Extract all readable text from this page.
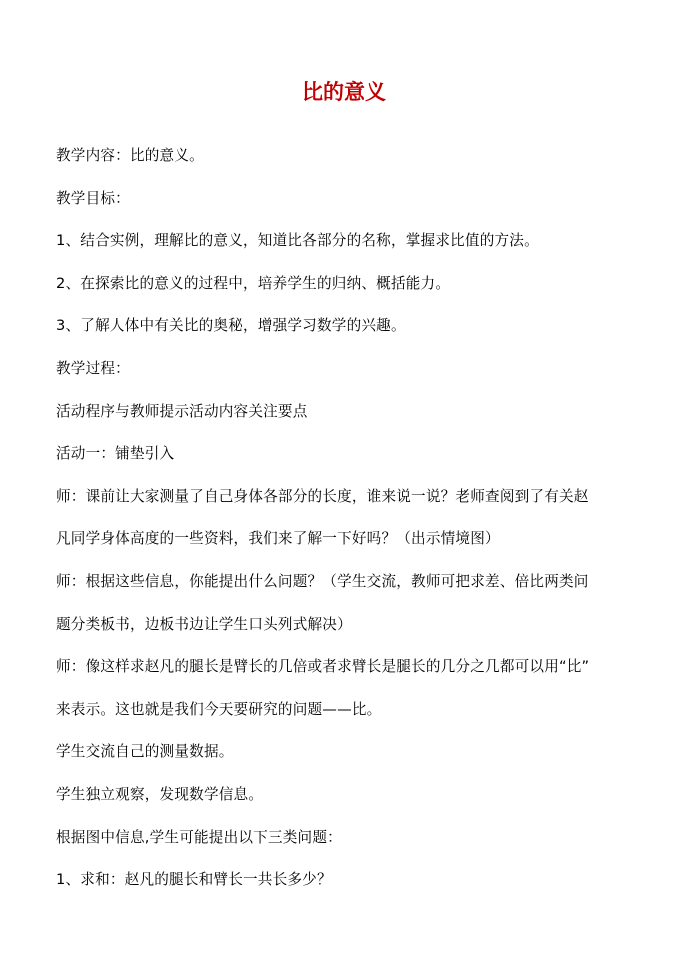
比的意义
教学内容：比的意义。
教学目标：
1、结合实例，理解比的意义，知道比各部分的名称，掌握求比值的方法。
2、在探索比的意义的过程中，培养学生的归纳、概括能力。
3、了解人体中有关比的奥秘，增强学习数学的兴趣。
教学过程：
活动程序与教师提示活动内容关注要点
活动一：铺垫引入
师：课前让大家测量了自己身体各部分的长度，谁来说一说？老师查阅到了有关赵
凡同学身体高度的一些资料，我们来了解一下好吗？（出示情境图）
师：根据这些信息，你能提出什么问题？（学生交流，教师可把求差、倍比两类问
题分类板书，边板书边让学生口头列式解决）
师：像这样求赵凡的腿长是臂长的几倍或者求臂长是腿长的几分之几都可以用“比”
来表示。这也就是我们今天要研究的问题——比。
学生交流自己的测量数据。
学生独立观察，发现数学信息。
根据图中信息,学生可能提出以下三类问题：
1、求和：赵凡的腿长和臂长一共长多少？
